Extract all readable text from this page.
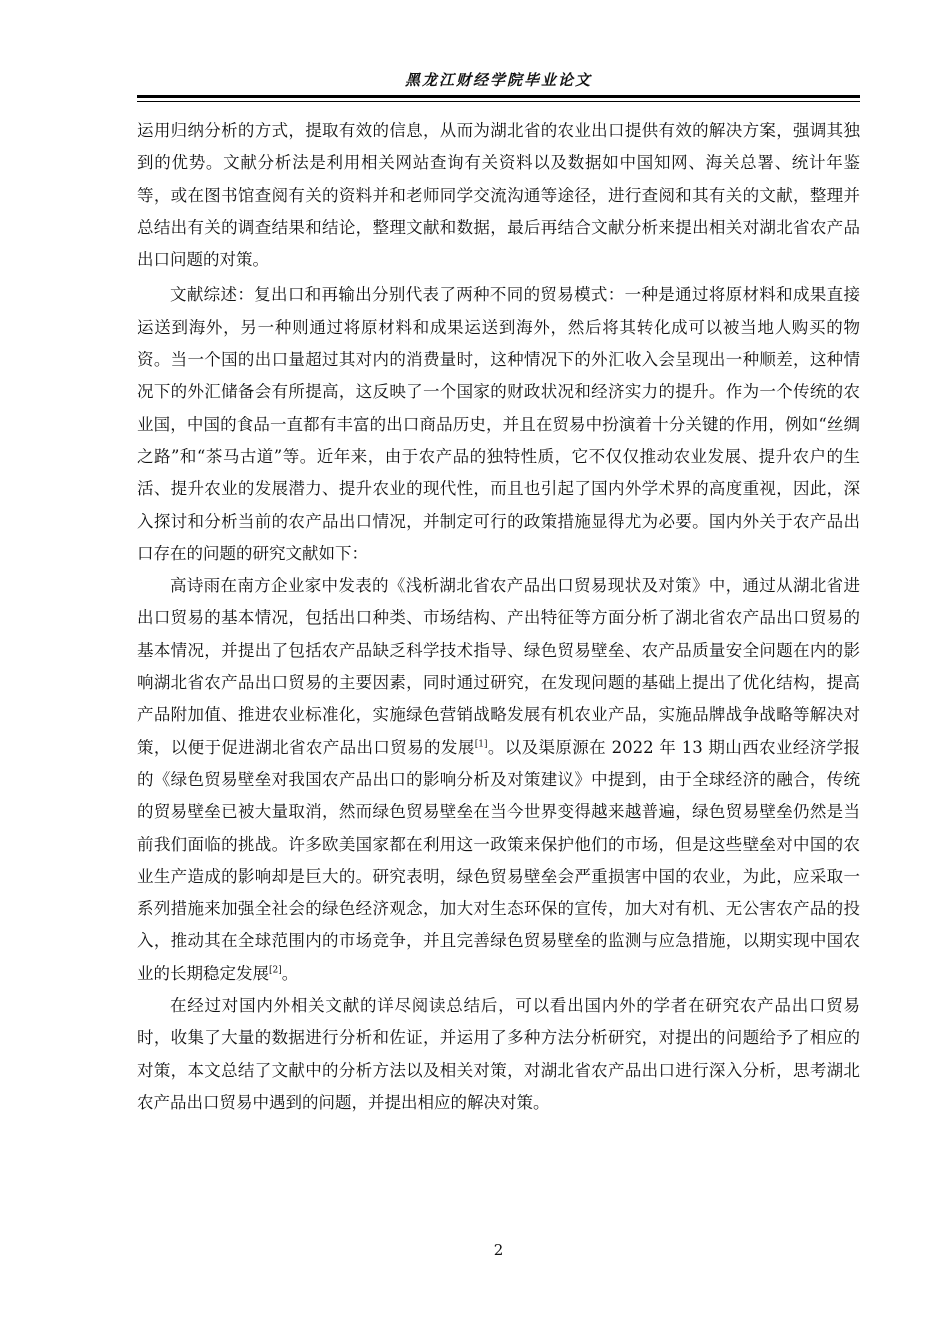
黑龙江财经学院毕业论文

运用归纳分析的方式，提取有效的信息，从而为湖北省的农业出口提供有效的解决方案，强调其独到的优势。文献分析法是利用相关网站查询有关资料以及数据如中国知网、海关总署、统计年鉴等，或在图书馆查阅有关的资料并和老师同学交流沟通等途径，进行查阅和其有关的文献，整理并总结出有关的调查结果和结论，整理文献和数据，最后再结合文献分析来提出相关对湖北省农产品出口问题的对策。

文献综述：复出口和再输出分别代表了两种不同的贸易模式：一种是通过将原材料和成果直接运送到海外，另一种则通过将原材料和成果运送到海外，然后将其转化成可以被当地人购买的物资。当一个国的出口量超过其对内的消费量时，这种情况下的外汇收入会呈现出一种顺差，这种情况下的外汇储备会有所提高，这反映了一个国家的财政状况和经济实力的提升。作为一个传统的农业国，中国的食品一直都有丰富的出口商品历史，并且在贸易中扮演着十分关键的作用，例如“丝绸之路”和“茶马古道”等。近年来，由于农产品的独特性质，它不仅仅推动农业发展、提升农户的生活、提升农业的发展潜力、提升农业的现代性，而且也引起了国内外学术界的高度重视，因此，深入探讨和分析当前的农产品出口情况，并制定可行的政策措施显得尤为必要。国内外关于农产品出口存在的问题的研究文献如下：

高诗雨在南方企业家中发表的《浅析湖北省农产品出口贸易现状及对策》中，通过从湖北省进出口贸易的基本情况，包括出口种类、市场结构、产出特征等方面分析了湖北省农产品出口贸易的基本情况，并提出了包括农产品缺乏科学技术指导、绿色贸易壁垒、农产品质量安全问题在内的影响湖北省农产品出口贸易的主要因素，同时通过研究，在发现问题的基础上提出了优化结构，提高产品附加值、推进农业标准化，实施绿色营销战略发展有机农业产品，实施品牌战争战略等解决对策，以便于促进湖北省农产品出口贸易的发展[1]。以及渠原源在 2022 年 13 期山西农业经济学报的《绿色贸易壁垒对我国农产品出口的影响分析及对策建议》中提到，由于全球经济的融合，传统的贸易壁垒已被大量取消，然而绿色贸易壁垒在当今世界变得越来越普遍，绿色贸易壁垒仍然是当前我们面临的挑战。许多欧美国家都在利用这一政策来保护他们的市场，但是这些壁垒对中国的农业生产造成的影响却是巨大的。研究表明，绿色贸易壁垒会严重损害中国的农业，为此，应采取一系列措施来加强全社会的绿色经济观念，加大对生态环保的宣传，加大对有机、无公害农产品的投入，推动其在全球范围内的市场竞争，并且完善绿色贸易壁垒的监测与应急措施，以期实现中国农业的长期稳定发展[2]。

在经过对国内外相关文献的详尽阅读总结后，可以看出国内外的学者在研究农产品出口贸易时，收集了大量的数据进行分析和佐证，并运用了多种方法分析研究，对提出的问题给予了相应的对策，本文总结了文献中的分析方法以及相关对策，对湖北省农产品出口进行深入分析，思考湖北农产品出口贸易中遇到的问题，并提出相应的解决对策。

2
